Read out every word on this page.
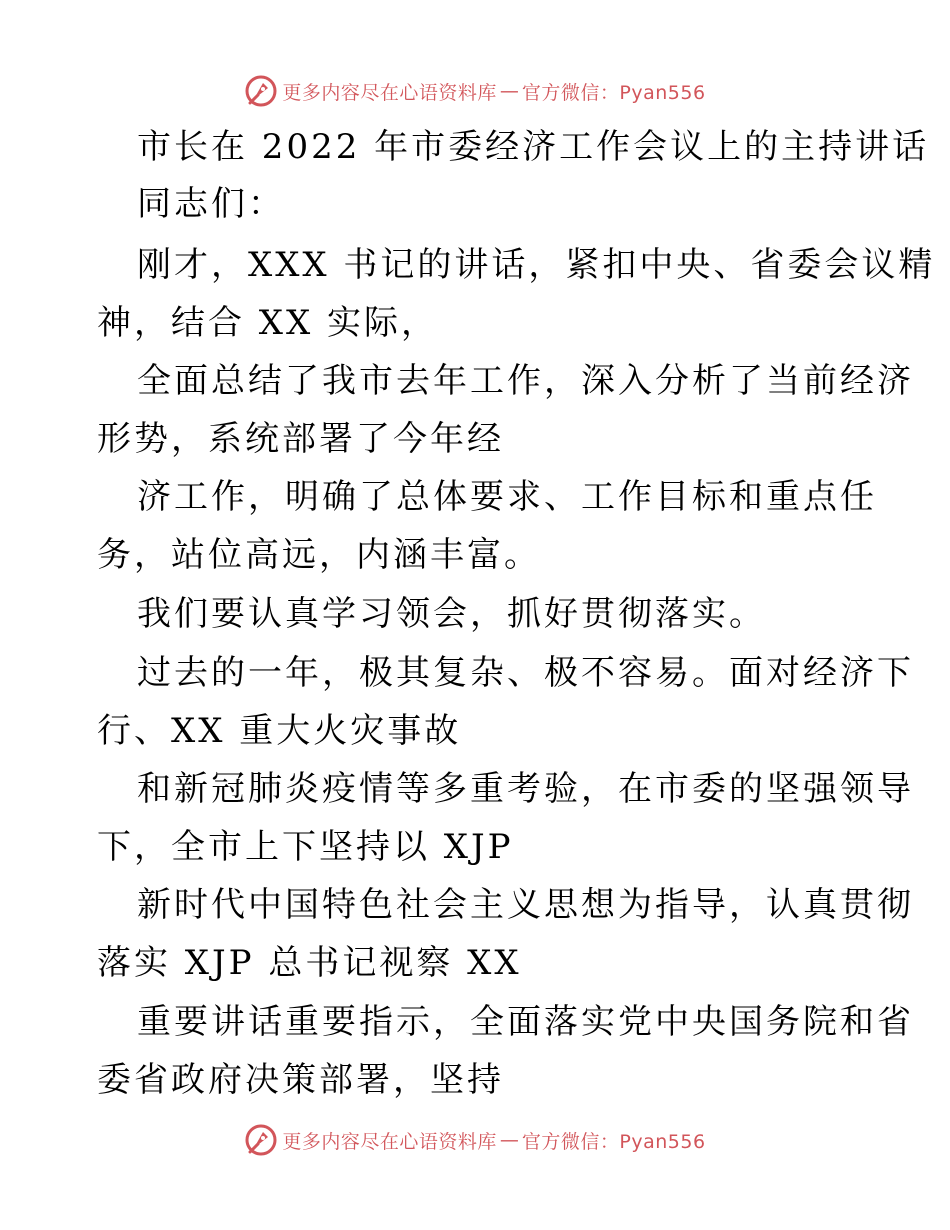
更多内容尽在心语资料库 — 官方微信：Pyan556
市长在 2022 年市委经济工作会议上的主持讲话
同志们：
刚才，XXX 书记的讲话，紧扣中央、省委会议精
神，结合 XX 实际，
全面总结了我市去年工作，深入分析了当前经济
形势，系统部署了今年经
济工作，明确了总体要求、工作目标和重点任
务，站位高远，内涵丰富。
我们要认真学习领会，抓好贯彻落实。
过去的一年，极其复杂、极不容易。面对经济下
行、XX 重大火灾事故
和新冠肺炎疫情等多重考验，在市委的坚强领导
下，全市上下坚持以 XJP
新时代中国特色社会主义思想为指导，认真贯彻
落实 XJP 总书记视察 XX
重要讲话重要指示，全面落实党中央国务院和省
委省政府决策部署，坚持
更多内容尽在心语资料库 — 官方微信：Pyan556
